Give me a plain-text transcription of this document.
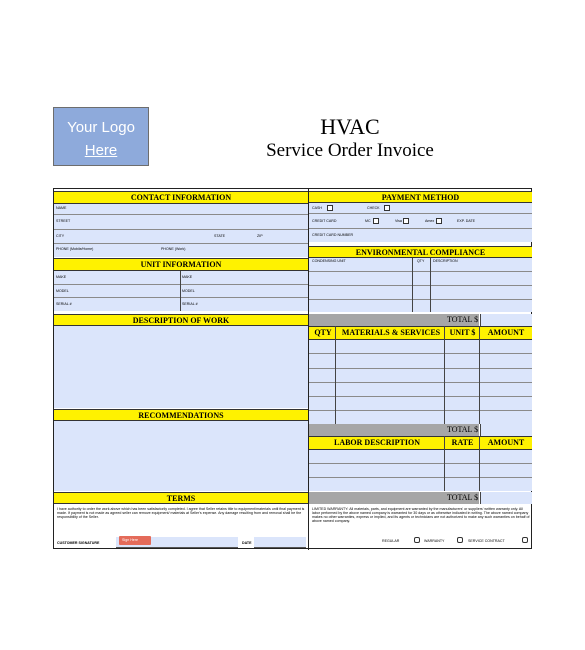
Your Logo
Here
HVAC
Service Order Invoice
CONTACT INFORMATION
NAME
STREET
CITY	STATE	ZIP
PHONE (Mobile/Home)	PHONE (Work)
UNIT INFORMATION
MAKE	MAKE
MODEL	MODEL
SERIAL #	SERIAL #
DESCRIPTION OF WORK
RECOMMENDATIONS
TERMS
I have authority to order the work above which has been satisfactorily completed. I agree that Seller retains title to equipment/materials until final payment is made. If payment is not made as agreed seller can remove equipment/ materials at Seller's expense. Any damage resulting from and removal shall be the responsibility of the Seller.
CUSTOMER SIGNATURE
Sign Here
DATE
PAYMENT METHOD
CASH	CHECK
CREDIT CARD	MC	Visa	Amex	EXP. DATE
CREDIT CARD NUMBER
ENVIRONMENTAL COMPLIANCE
CONDENSING UNIT	QTY DESCRIPTION
TOTAL $
QTY	MATERIALS & SERVICES	UNIT $	AMOUNT
TOTAL $
LABOR DESCRIPTION	RATE	AMOUNT
TOTAL $
LIMITED WARRANTY: All materials, parts, and equipment are warranted by the manufacturers' or suppliers' written warranty only. All labor performed by the above named company is warranted for 30 days or as otherwise indicated in writing. The above named company makes no other warranties, express or implied, and its agents or technicians are not authorized to make any such warranties on behalf of above named company.
REGULAR	WARRANTY	SERVICE CONTRACT
